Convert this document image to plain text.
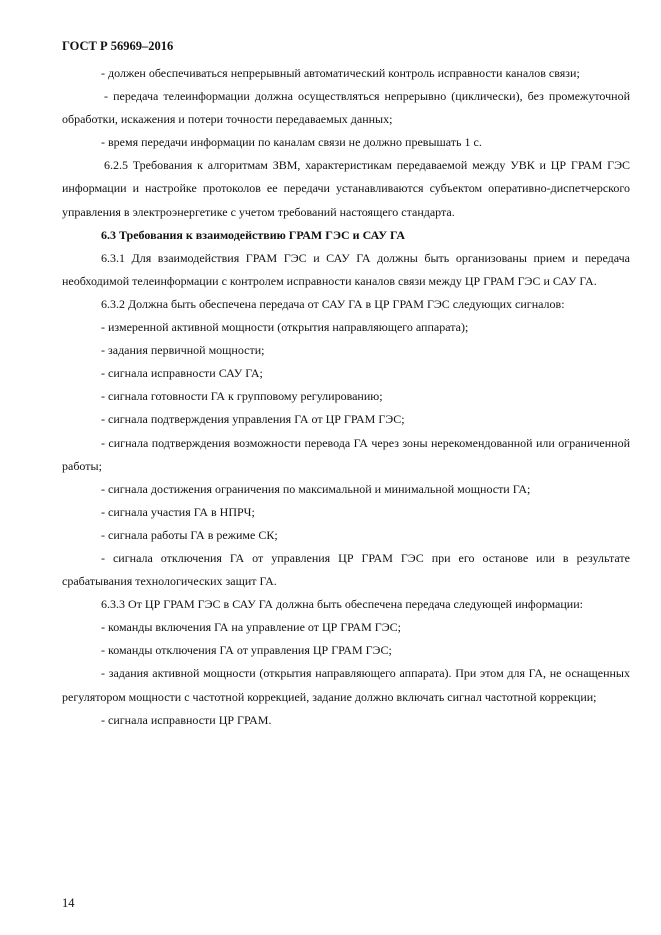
ГОСТ Р 56969–2016

- должен обеспечиваться непрерывный автоматический контроль исправности каналов связи;

- передача телеинформации должна осуществляться непрерывно (циклически), без промежуточной обработки, искажения и потери точности передаваемых данных;

- время передачи информации по каналам связи не должно превышать 1 с.

6.2.5 Требования к алгоритмам ЗВМ, характеристикам передаваемой между УВК и ЦР ГРАМ ГЭС информации и настройке протоколов ее передачи устанавливаются субъектом оперативно-диспетчерского управления в электроэнергетике с учетом требований настоящего стандарта.

6.3 Требования к взаимодействию ГРАМ ГЭС и САУ ГА

6.3.1 Для взаимодействия ГРАМ ГЭС и САУ ГА должны быть организованы прием и передача необходимой телеинформации с контролем исправности каналов связи между ЦР ГРАМ ГЭС и САУ ГА.

6.3.2 Должна быть обеспечена передача от САУ ГА в ЦР ГРАМ ГЭС следующих сигналов:

- измеренной активной мощности (открытия направляющего аппарата);

- задания первичной мощности;

- сигнала исправности САУ ГА;

- сигнала готовности ГА к групповому регулированию;

- сигнала подтверждения управления ГА от ЦР ГРАМ ГЭС;

- сигнала подтверждения возможности перевода ГА через зоны нерекомендованной или ограниченной работы;

- сигнала достижения ограничения по максимальной и минимальной мощности ГА;

- сигнала участия ГА в НПРЧ;

- сигнала работы ГА в режиме СК;

- сигнала отключения ГА от управления ЦР ГРАМ ГЭС при его останове или в результате срабатывания технологических защит ГА.

6.3.3 От ЦР ГРАМ ГЭС в САУ ГА должна быть обеспечена передача следующей информации:

- команды включения ГА на управление от ЦР ГРАМ ГЭС;

- команды отключения ГА от управления ЦР ГРАМ ГЭС;

- задания активной мощности (открытия направляющего аппарата). При этом для ГА, не оснащенных регулятором мощности с частотной коррекцией, задание должно включать сигнал частотной коррекции;

- сигнала исправности ЦР ГРАМ.

14
